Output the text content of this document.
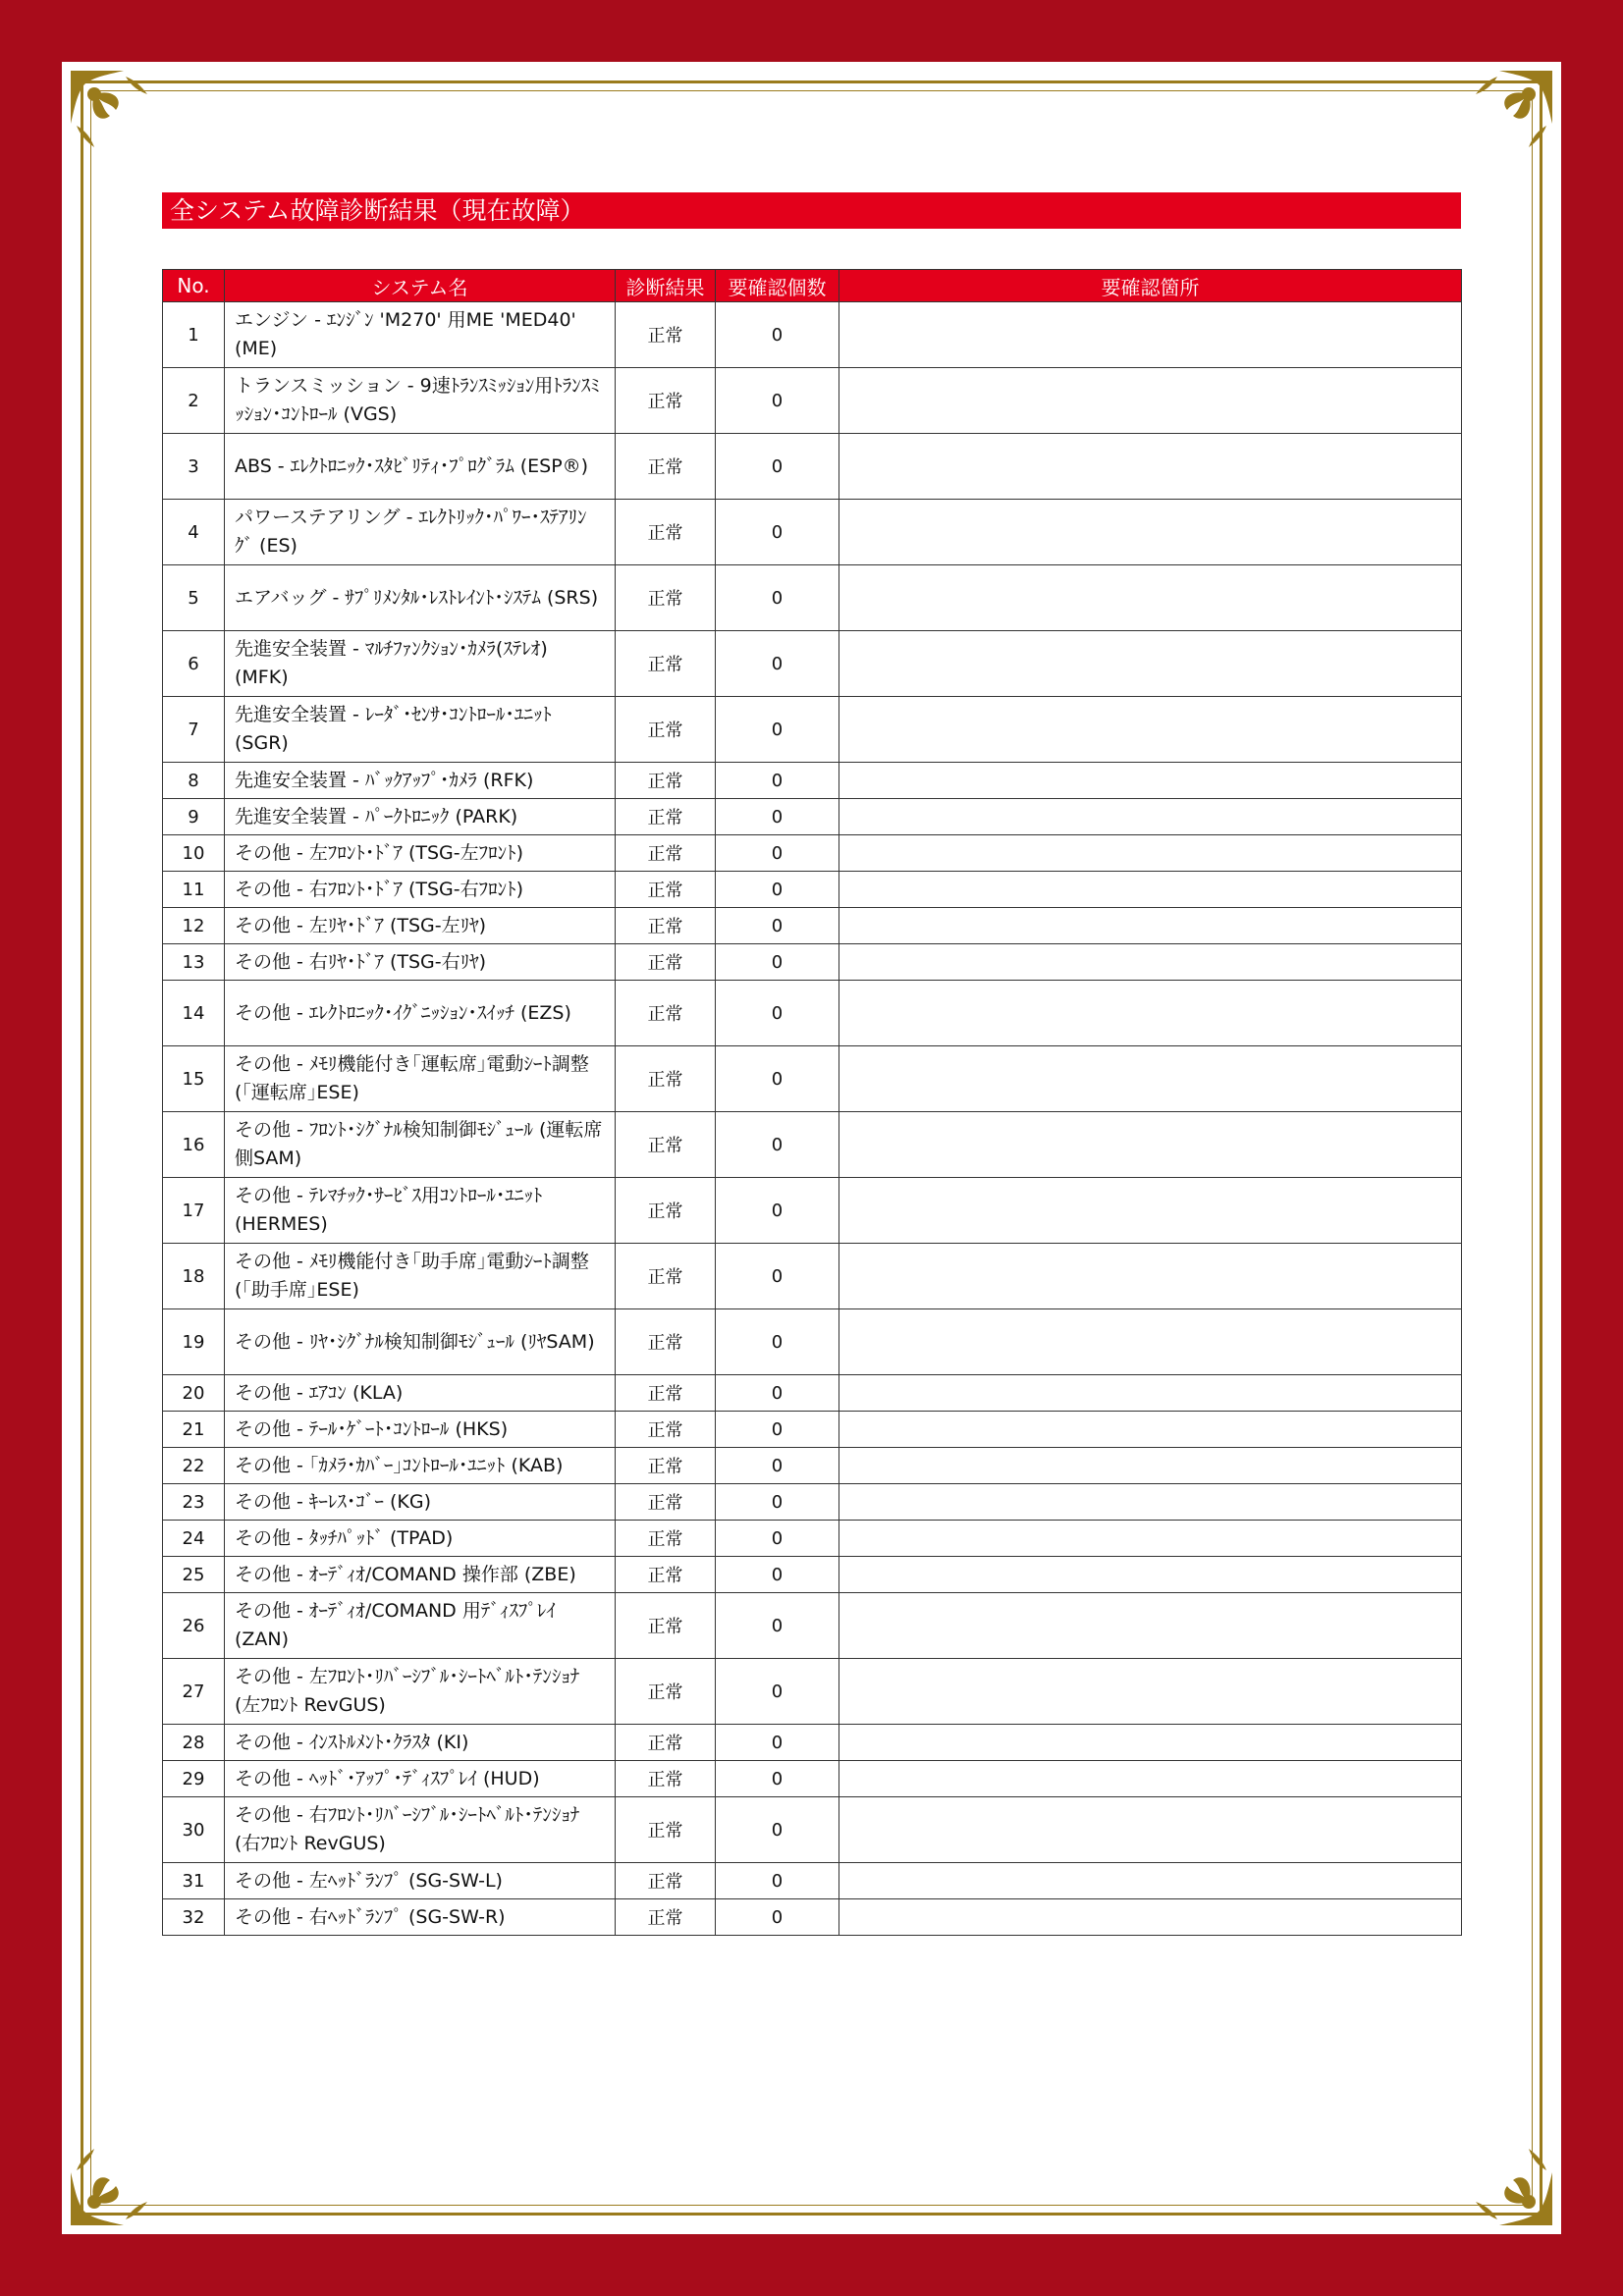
全システム故障診断結果（現在故障）
No.	システム名	診断結果	要確認個数	要確認箇所
1	エンジン - ｴﾝｼﾞﾝ 'M270' 用ME 'MED40' (ME)	正常	0	
2	トランスミッション - 9速ﾄﾗﾝｽﾐｯｼｮﾝ用ﾄﾗﾝｽﾐｯｼｮﾝ･ｺﾝﾄﾛｰﾙ (VGS)	正常	0	
3	ABS - ｴﾚｸﾄﾛﾆｯｸ･ｽﾀﾋﾞﾘﾃｨ･ﾌﾟﾛｸﾞﾗﾑ (ESP®)	正常	0	
4	パワーステアリング - ｴﾚｸﾄﾘｯｸ･ﾊﾟﾜｰ･ｽﾃｱﾘﾝｸﾞ (ES)	正常	0	
5	エアバッグ - ｻﾌﾟﾘﾒﾝﾀﾙ･ﾚｽﾄﾚｲﾝﾄ･ｼｽﾃﾑ (SRS)	正常	0	
6	先進安全装置 - ﾏﾙﾁﾌｧﾝｸｼｮﾝ･ｶﾒﾗ(ｽﾃﾚｵ) (MFK)	正常	0	
7	先進安全装置 - ﾚｰﾀﾞ･ｾﾝｻ･ｺﾝﾄﾛｰﾙ･ﾕﾆｯﾄ (SGR)	正常	0	
8	先進安全装置 - ﾊﾞｯｸｱｯﾌﾟ･ｶﾒﾗ (RFK)	正常	0	
9	先進安全装置 - ﾊﾟｰｸﾄﾛﾆｯｸ (PARK)	正常	0	
10	その他 - 左ﾌﾛﾝﾄ･ﾄﾞｱ (TSG-左ﾌﾛﾝﾄ)	正常	0	
11	その他 - 右ﾌﾛﾝﾄ･ﾄﾞｱ (TSG-右ﾌﾛﾝﾄ)	正常	0	
12	その他 - 左ﾘﾔ･ﾄﾞｱ (TSG-左ﾘﾔ)	正常	0	
13	その他 - 右ﾘﾔ･ﾄﾞｱ (TSG-右ﾘﾔ)	正常	0	
14	その他 - ｴﾚｸﾄﾛﾆｯｸ･ｲｸﾞﾆｯｼｮﾝ･ｽｲｯﾁ (EZS)	正常	0	
15	その他 - ﾒﾓﾘ機能付き｢運転席｣電動ｼｰﾄ調整 (｢運転席｣ESE)	正常	0	
16	その他 - ﾌﾛﾝﾄ･ｼｸﾞﾅﾙ検知制御ﾓｼﾞｭｰﾙ (運転席側SAM)	正常	0	
17	その他 - ﾃﾚﾏﾁｯｸ･ｻｰﾋﾞｽ用ｺﾝﾄﾛｰﾙ･ﾕﾆｯﾄ (HERMES)	正常	0	
18	その他 - ﾒﾓﾘ機能付き｢助手席｣電動ｼｰﾄ調整 (｢助手席｣ESE)	正常	0	
19	その他 - ﾘﾔ･ｼｸﾞﾅﾙ検知制御ﾓｼﾞｭｰﾙ (ﾘﾔSAM)	正常	0	
20	その他 - ｴｱｺﾝ (KLA)	正常	0	
21	その他 - ﾃｰﾙ･ｹﾞｰﾄ･ｺﾝﾄﾛｰﾙ (HKS)	正常	0	
22	その他 - ｢ｶﾒﾗ･ｶﾊﾞｰ｣ｺﾝﾄﾛｰﾙ･ﾕﾆｯﾄ (KAB)	正常	0	
23	その他 - ｷｰﾚｽ･ｺﾞｰ (KG)	正常	0	
24	その他 - ﾀｯﾁﾊﾟｯﾄﾞ (TPAD)	正常	0	
25	その他 - ｵｰﾃﾞｨｵ/COMAND 操作部 (ZBE)	正常	0	
26	その他 - ｵｰﾃﾞｨｵ/COMAND 用ﾃﾞｨｽﾌﾟﾚｲ (ZAN)	正常	0	
27	その他 - 左ﾌﾛﾝﾄ･ﾘﾊﾞｰｼﾌﾞﾙ･ｼｰﾄﾍﾞﾙﾄ･ﾃﾝｼｮﾅ (左ﾌﾛﾝﾄ RevGUS)	正常	0	
28	その他 - ｲﾝｽﾄﾙﾒﾝﾄ･ｸﾗｽﾀ (KI)	正常	0	
29	その他 - ﾍｯﾄﾞ･ｱｯﾌﾟ･ﾃﾞｨｽﾌﾟﾚｲ (HUD)	正常	0	
30	その他 - 右ﾌﾛﾝﾄ･ﾘﾊﾞｰｼﾌﾞﾙ･ｼｰﾄﾍﾞﾙﾄ･ﾃﾝｼｮﾅ (右ﾌﾛﾝﾄ RevGUS)	正常	0	
31	その他 - 左ﾍｯﾄﾞﾗﾝﾌﾟ (SG-SW-L)	正常	0	
32	その他 - 右ﾍｯﾄﾞﾗﾝﾌﾟ (SG-SW-R)	正常	0	
